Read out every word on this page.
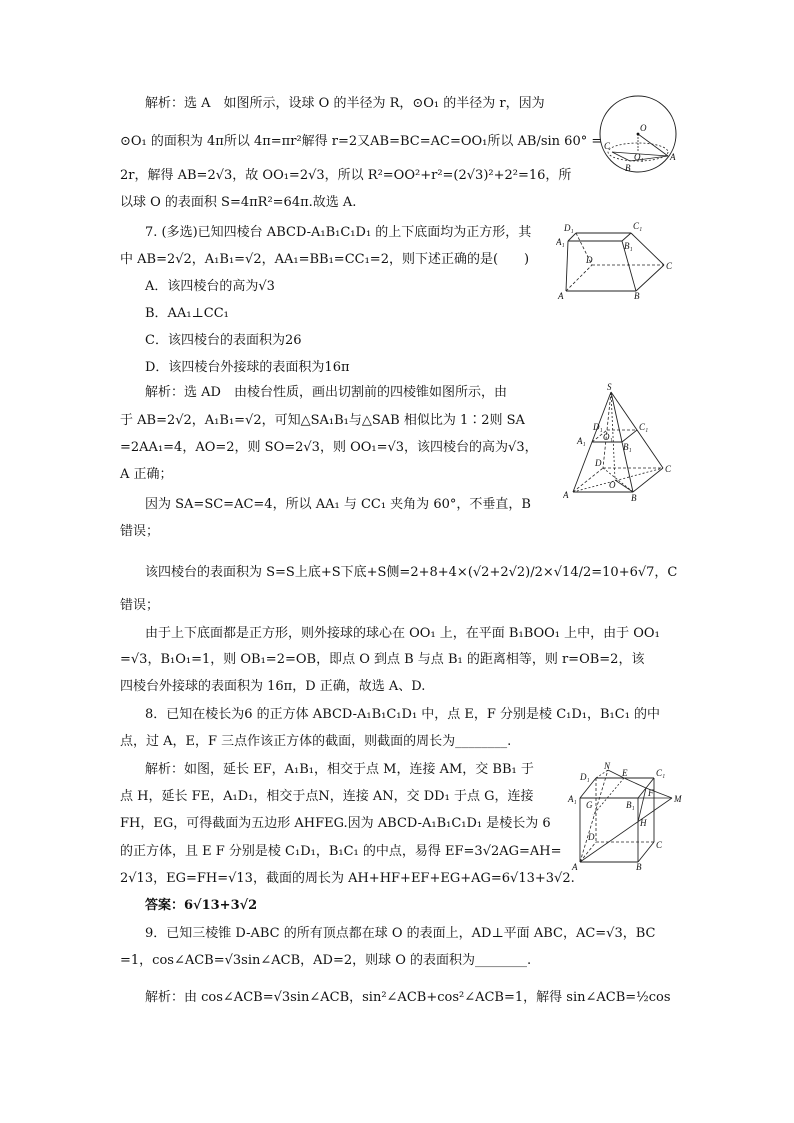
解析：选 A　如图所示，设球 O 的半径为 R，⊙O₁ 的半径为 r，因为
⊙O₁ 的面积为 4π所以 4π=πr²解得 r=2又AB=BC=AC=OO₁所以 AB/sin 60° =
2r，解得 AB=2√3，故 OO₁=2√3，所以 R²=OO²+r²=(2√3)²+2²=16，所
以球 O 的表面积 S=4πR²=64π.故选 A.
7. (多选)已知四棱台 ABCD-A₁B₁C₁D₁ 的上下底面均为正方形，其
中 AB=2√2，A₁B₁=√2，AA₁=BB₁=CC₁=2，则下述正确的是(　　)
A．该四棱台的高为√3
B．AA₁⊥CC₁
C．该四棱台的表面积为26
D．该四棱台外接球的表面积为16π
解析：选 AD　由棱台性质，画出切割前的四棱锥如图所示，由
于 AB=2√2，A₁B₁=√2，可知△SA₁B₁与△SAB 相似比为 1∶2则 SA
=2AA₁=4，AO=2，则 SO=2√3，则 OO₁=√3，该四棱台的高为√3，
A 正确；
因为 SA=SC=AC=4，所以 AA₁ 与 CC₁ 夹角为 60°，不垂直，B
错误；
该四棱台的表面积为 S=S上底+S下底+S侧=2+8+4×(√2+2√2)/2×√14/2=10+6√7，C
错误；
由于上下底面都是正方形，则外接球的球心在 OO₁ 上，在平面 B₁BOO₁ 上中，由于 OO₁
=√3，B₁O₁=1，则 OB₁=2=OB，即点 O 到点 B 与点 B₁ 的距离相等，则 r=OB=2，该
四棱台外接球的表面积为 16π，D 正确，故选 A、D.
8．已知在棱长为6 的正方体 ABCD-A₁B₁C₁D₁ 中，点 E，F 分别是棱 C₁D₁，B₁C₁ 的中
点，过 A，E，F 三点作该正方体的截面，则截面的周长为________.
解析：如图，延长 EF，A₁B₁，相交于点 M，连接 AM，交 BB₁ 于
点 H，延长 FE，A₁D₁，相交于点N，连接 AN，交 DD₁ 于点 G，连接
FH，EG，可得截面为五边形 AHFEG.因为 ABCD-A₁B₁C₁D₁ 是棱长为 6
的正方体，且 E F 分别是棱 C₁D₁，B₁C₁ 的中点，易得 EF=3√2AG=AH=
2√13，EG=FH=√13，截面的周长为 AH+HF+EF+EG+AG=6√13+3√2.
答案：6√13+3√2
9．已知三棱锥 D-ABC 的所有顶点都在球 O 的表面上，AD⊥平面 ABC，AC=√3，BC
=1，cos∠ACB=√3sin∠ACB，AD=2，则球 O 的表面积为________.
解析：由 cos∠ACB=√3sin∠ACB，sin²∠ACB+cos²∠ACB=1，解得 sin∠ACB=½cos
O
O₁
C
A
B
D₁	C₁
A₁	B₁
D
C
A	B
S
D₁	C₁
A₁ O₁
B₁
D
C
O
A	B
N
E	C₁
D₁
A₁
G
F
B₁
M
H
D
C
A	B
